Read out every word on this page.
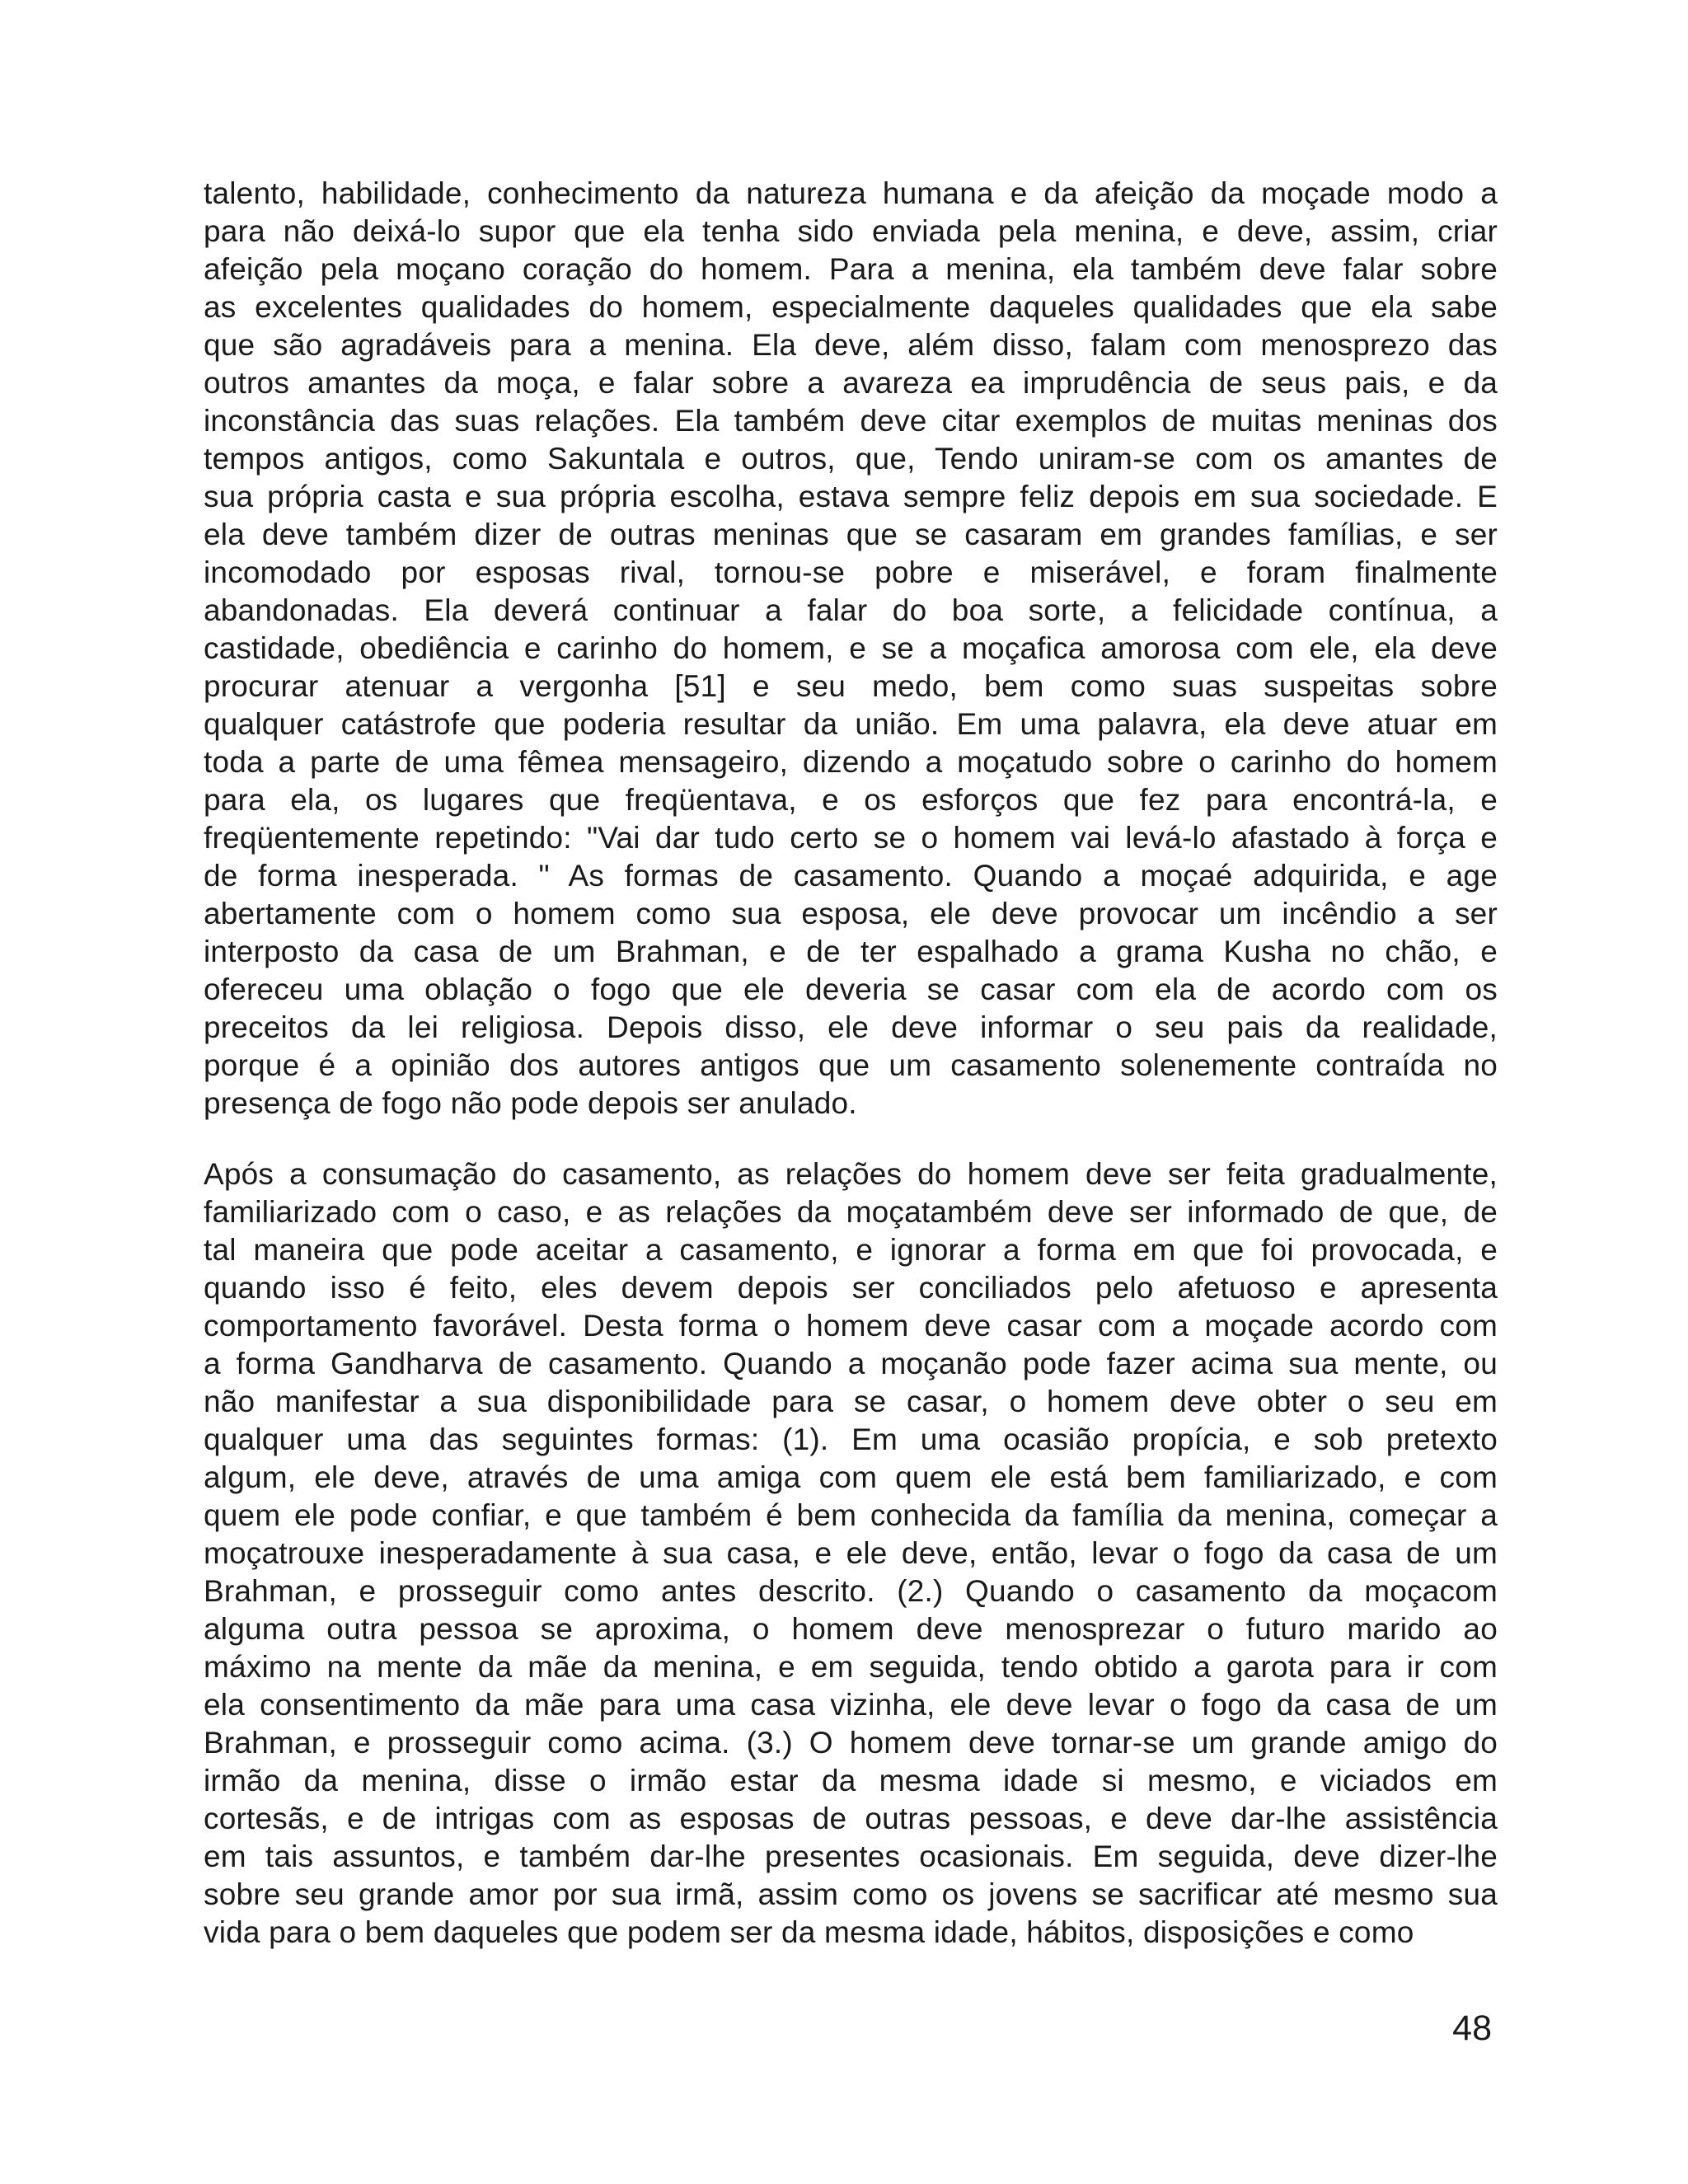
talento, habilidade, conhecimento da natureza humana e da afeição da moçade modo a
para não deixá-lo supor que ela tenha sido enviada pela menina, e deve, assim, criar
afeição pela moçano coração do homem. Para a menina, ela também deve falar sobre
as excelentes qualidades do homem, especialmente daqueles qualidades que ela sabe
que são agradáveis para a menina. Ela deve, além disso, falam com menosprezo das
outros amantes da moça, e falar sobre a avareza ea imprudência de seus pais, e da
inconstância das suas relações. Ela também deve citar exemplos de muitas meninas dos
tempos antigos, como Sakuntala e outros, que, Tendo uniram-se com os amantes de
sua própria casta e sua própria escolha, estava sempre feliz depois em sua sociedade. E
ela deve também dizer de outras meninas que se casaram em grandes famílias, e ser
incomodado por esposas rival, tornou-se pobre e miserável, e foram finalmente
abandonadas. Ela deverá continuar a falar do boa sorte, a felicidade contínua, a
castidade, obediência e carinho do homem, e se a moçafica amorosa com ele, ela deve
procurar atenuar a vergonha [51] e seu medo, bem como suas suspeitas sobre
qualquer catástrofe que poderia resultar da união. Em uma palavra, ela deve atuar em
toda a parte de uma fêmea mensageiro, dizendo a moçatudo sobre o carinho do homem
para ela, os lugares que freqüentava, e os esforços que fez para encontrá-la, e
freqüentemente repetindo: "Vai dar tudo certo se o homem vai levá-lo afastado à força e
de forma inesperada. " As formas de casamento. Quando a moçaé adquirida, e age
abertamente com o homem como sua esposa, ele deve provocar um incêndio a ser
interposto da casa de um Brahman, e de ter espalhado a grama Kusha no chão, e
ofereceu uma oblação o fogo que ele deveria se casar com ela de acordo com os
preceitos da lei religiosa. Depois disso, ele deve informar o seu pais da realidade,
porque é a opinião dos autores antigos que um casamento solenemente contraída no
presença de fogo não pode depois ser anulado.
Após a consumação do casamento, as relações do homem deve ser feita gradualmente,
familiarizado com o caso, e as relações da moçatambém deve ser informado de que, de
tal maneira que pode aceitar a casamento, e ignorar a forma em que foi provocada, e
quando isso é feito, eles devem depois ser conciliados pelo afetuoso e apresenta
comportamento favorável. Desta forma o homem deve casar com a moçade acordo com
a forma Gandharva de casamento. Quando a moçanão pode fazer acima sua mente, ou
não manifestar a sua disponibilidade para se casar, o homem deve obter o seu em
qualquer uma das seguintes formas: (1). Em uma ocasião propícia, e sob pretexto
algum, ele deve, através de uma amiga com quem ele está bem familiarizado, e com
quem ele pode confiar, e que também é bem conhecida da família da menina, começar a
moçatrouxe inesperadamente à sua casa, e ele deve, então, levar o fogo da casa de um
Brahman, e prosseguir como antes descrito. (2.) Quando o casamento da moçacom
alguma outra pessoa se aproxima, o homem deve menosprezar o futuro marido ao
máximo na mente da mãe da menina, e em seguida, tendo obtido a garota para ir com
ela consentimento da mãe para uma casa vizinha, ele deve levar o fogo da casa de um
Brahman, e prosseguir como acima. (3.) O homem deve tornar-se um grande amigo do
irmão da menina, disse o irmão estar da mesma idade si mesmo, e viciados em
cortesãs, e de intrigas com as esposas de outras pessoas, e deve dar-lhe assistência
em tais assuntos, e também dar-lhe presentes ocasionais. Em seguida, deve dizer-lhe
sobre seu grande amor por sua irmã, assim como os jovens se sacrificar até mesmo sua
vida para o bem daqueles que podem ser da mesma idade, hábitos, disposições e como
48
